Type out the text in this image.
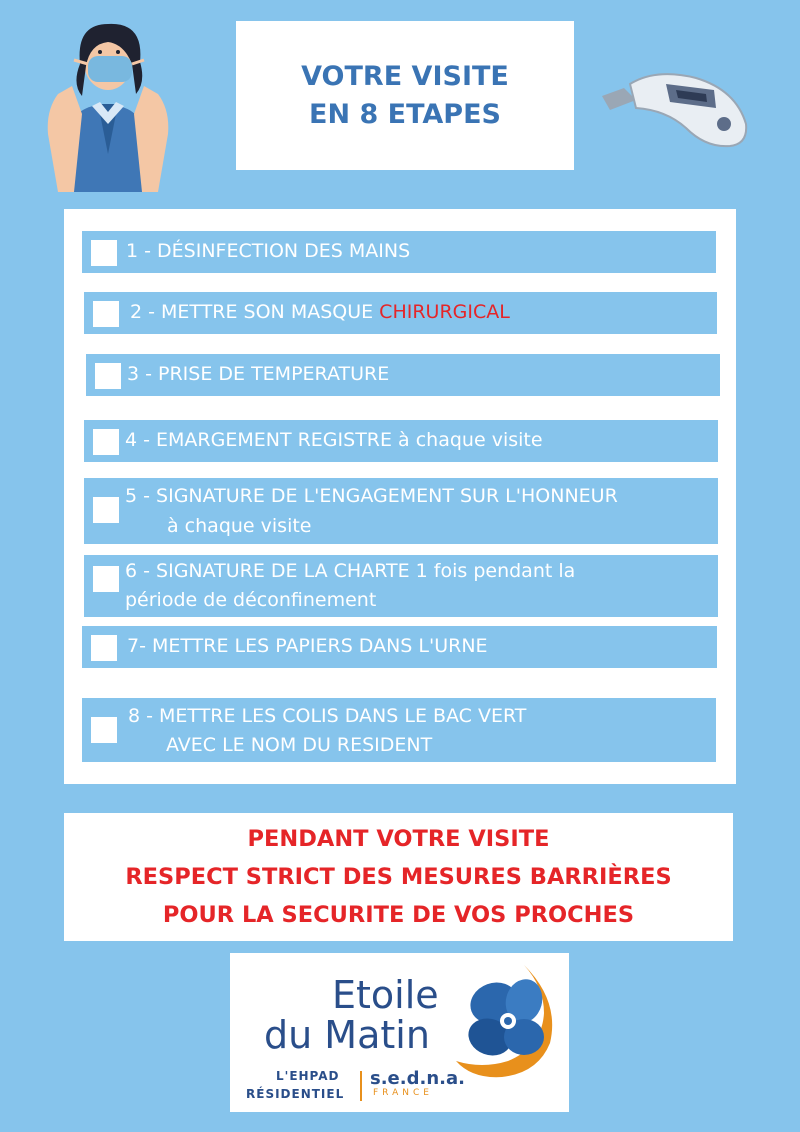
VOTRE VISITE
EN 8 ETAPES
1 - DÉSINFECTION DES MAINS
2 - METTRE SON MASQUE CHIRURGICAL
3 - PRISE DE TEMPERATURE
4 - EMARGEMENT REGISTRE à chaque visite
5 - SIGNATURE DE L'ENGAGEMENT SUR L'HONNEUR
à chaque visite
6 - SIGNATURE DE LA CHARTE 1 fois pendant la
période de déconfinement
7- METTRE LES PAPIERS DANS L'URNE
8 - METTRE LES COLIS DANS LE BAC VERT
AVEC LE NOM DU RESIDENT
PENDANT VOTRE VISITE
RESPECT STRICT DES MESURES BARRIÈRES
POUR LA SECURITE DE VOS PROCHES
Etoile
du Matin
L'EHPAD
RÉSIDENTIEL
s.e.d.n.a.
FRANCE
